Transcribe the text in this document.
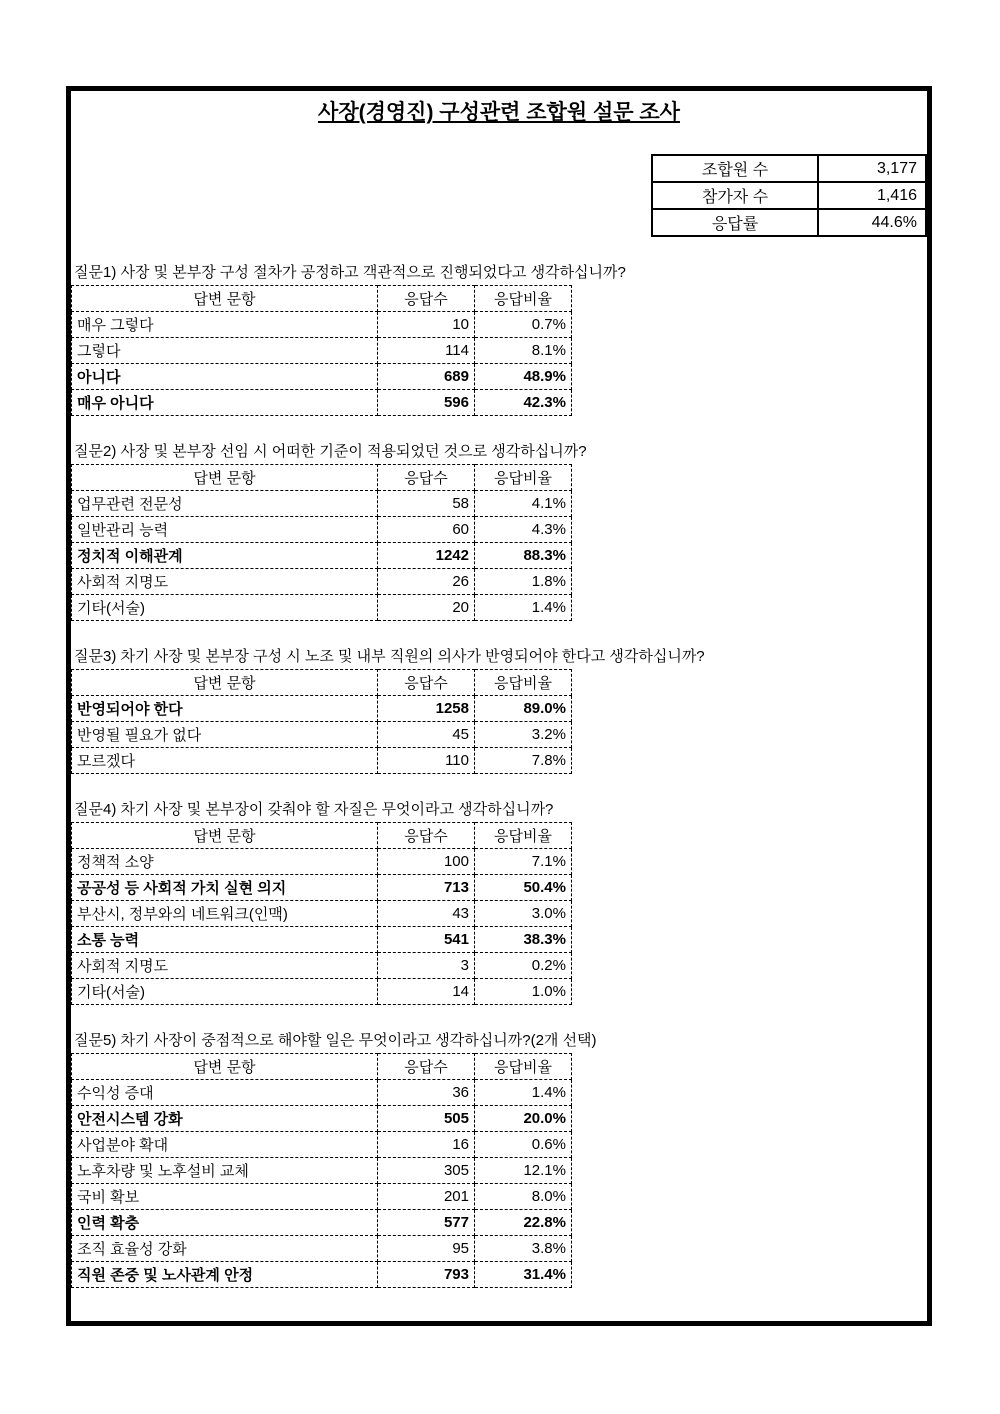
사장(경영진) 구성관련 조합원 설문 조사
조합원 수	3,177
참가자 수	1,416
응답률	44.6%
질문1) 사장 및 본부장 구성 절차가 공정하고 객관적으로 진행되었다고 생각하십니까?
답변 문항	응답수	응답비율
매우 그렇다	10	0.7%
그렇다	114	8.1%
아니다	689	48.9%
매우 아니다	596	42.3%
질문2) 사장 및 본부장 선임 시 어떠한 기준이 적용되었던 것으로 생각하십니까?
답변 문항	응답수	응답비율
업무관련 전문성	58	4.1%
일반관리 능력	60	4.3%
정치적 이해관계	1242	88.3%
사회적 지명도	26	1.8%
기타(서술)	20	1.4%
질문3) 차기 사장 및 본부장 구성 시 노조 및 내부 직원의 의사가 반영되어야 한다고 생각하십니까?
답변 문항	응답수	응답비율
반영되어야 한다	1258	89.0%
반영될 필요가 없다	45	3.2%
모르겠다	110	7.8%
질문4) 차기 사장 및 본부장이 갖춰야 할 자질은 무엇이라고 생각하십니까?
답변 문항	응답수	응답비율
정책적 소양	100	7.1%
공공성 등 사회적 가치 실현 의지	713	50.4%
부산시, 정부와의 네트워크(인맥)	43	3.0%
소통 능력	541	38.3%
사회적 지명도	3	0.2%
기타(서술)	14	1.0%
질문5) 차기 사장이 중점적으로 해야할 일은 무엇이라고 생각하십니까?(2개 선택)
답변 문항	응답수	응답비율
수익성 증대	36	1.4%
안전시스템 강화	505	20.0%
사업분야 확대	16	0.6%
노후차량 및 노후설비 교체	305	12.1%
국비 확보	201	8.0%
인력 확충	577	22.8%
조직 효율성 강화	95	3.8%
직원 존중 및 노사관계 안정	793	31.4%
